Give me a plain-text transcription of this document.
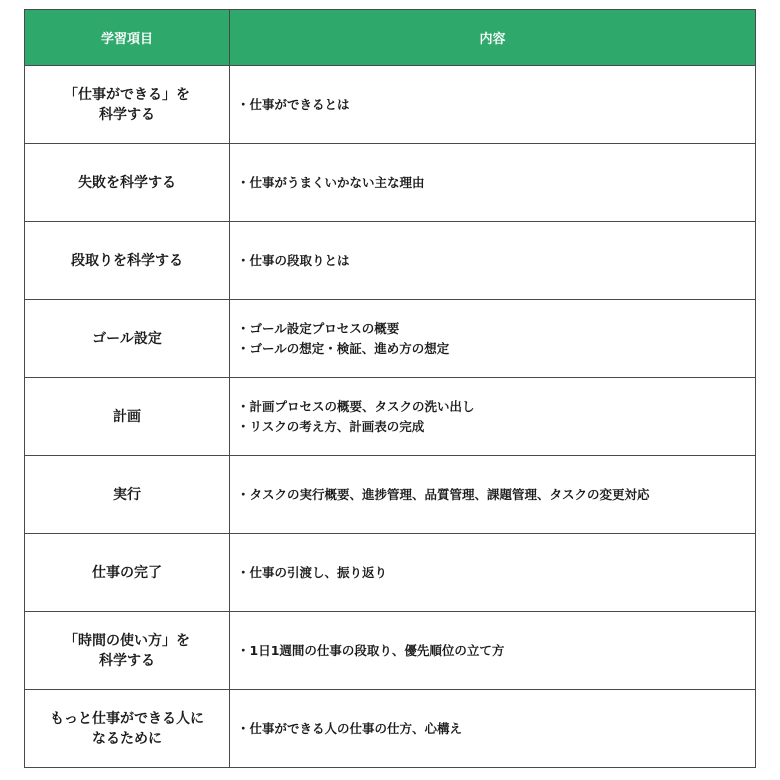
学習項目	内容

「仕事ができる」を
科学する	・仕事ができるとは

失敗を科学する	・仕事がうまくいかない主な理由

段取りを科学する	・仕事の段取りとは

ゴール設定	・ゴール設定プロセスの概要
・ゴールの想定・検証、進め方の想定

計画	・計画プロセスの概要、タスクの洗い出し
・リスクの考え方、計画表の完成

実行	・タスクの実行概要、進捗管理、品質管理、課題管理、タスクの変更対応

仕事の完了	・仕事の引渡し、振り返り

「時間の使い方」を
科学する	・1日1週間の仕事の段取り、優先順位の立て方

もっと仕事ができる人に
なるために	・仕事ができる人の仕事の仕方、心構え
